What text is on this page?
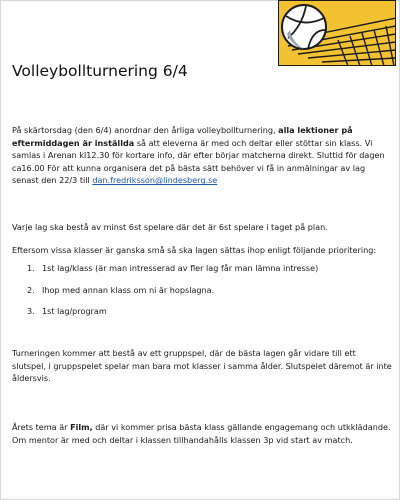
Volleybollturnering 6/4

På skärtorsdag (den 6/4) anordnar den årliga volleybollturnering, alla lektioner på eftermiddagen är inställda så att eleverna är med och deltar eller stöttar sin klass. Vi samlas i Arenan kl12.30 för kortare info, där efter börjar matcherna direkt. Sluttid för dagen ca16.00 För att kunna organisera det på bästa sätt behöver vi få in anmälningar av lag senast den 22/3 till dan.fredriksson@lindesberg.se

Varje lag ska bestå av minst 6st spelare där det är 6st spelare i taget på plan.

Eftersom vissa klasser är ganska små så ska lagen sättas ihop enligt följande prioritering:

1. 1st lag/klass (är man intresserad av fler lag får man lämna intresse)
2. Ihop med annan klass om ni är hopslagna.
3. 1st lag/program

Turneringen kommer att bestå av ett gruppspel, där de bästa lagen går vidare till ett slutspel, i gruppspelet spelar man bara mot klasser i samma ålder. Slutspelet däremot är inte åldersvis.

Årets tema är Film, där vi kommer prisa bästa klass gällande engagemang och utkklädande. Om mentor är med och deltar i klassen tillhandahålls klassen 3p vid start av match.
